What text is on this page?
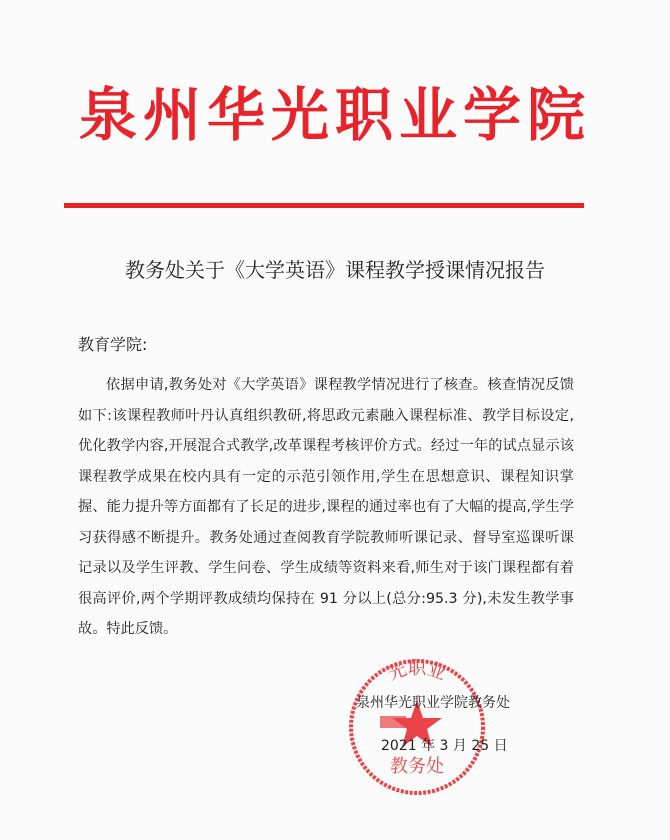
泉州华光职业学院
教务处关于《大学英语》课程教学授课情况报告
教育学院:

依据申请,教务处对《大学英语》课程教学情况进行了核查。核查情况反馈如下:该课程教师叶丹认真组织教研,将思政元素融入课程标准、教学目标设定,优化教学内容,开展混合式教学,改革课程考核评价方式。经过一年的试点显示该课程教学成果在校内具有一定的示范引领作用,学生在思想意识、课程知识掌握、能力提升等方面都有了长足的进步,课程的通过率也有了大幅的提高,学生学习获得感不断提升。教务处通过查阅教育学院教师听课记录、督导室巡课听课记录以及学生评教、学生问卷、学生成绩等资料来看,师生对于该门课程都有着很高评价,两个学期评教成绩均保持在 91 分以上(总分:95.3 分),未发生教学事故。特此反馈。

光职业
教务处
泉州华光职业学院教务处
2021 年 3 月 25 日
